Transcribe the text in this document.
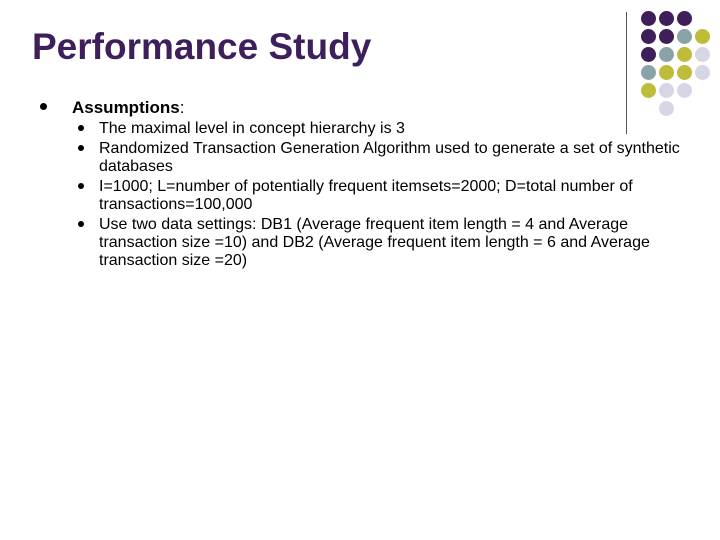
Performance Study
Assumptions:
The maximal level in concept hierarchy is 3
Randomized Transaction Generation Algorithm used to generate a set of synthetic databases
I=1000; L=number of potentially frequent itemsets=2000; D=total number of transactions=100,000
Use two data settings: DB1 (Average frequent item length = 4 and Average transaction size =10) and DB2 (Average frequent item length = 6 and Average transaction size =20)
